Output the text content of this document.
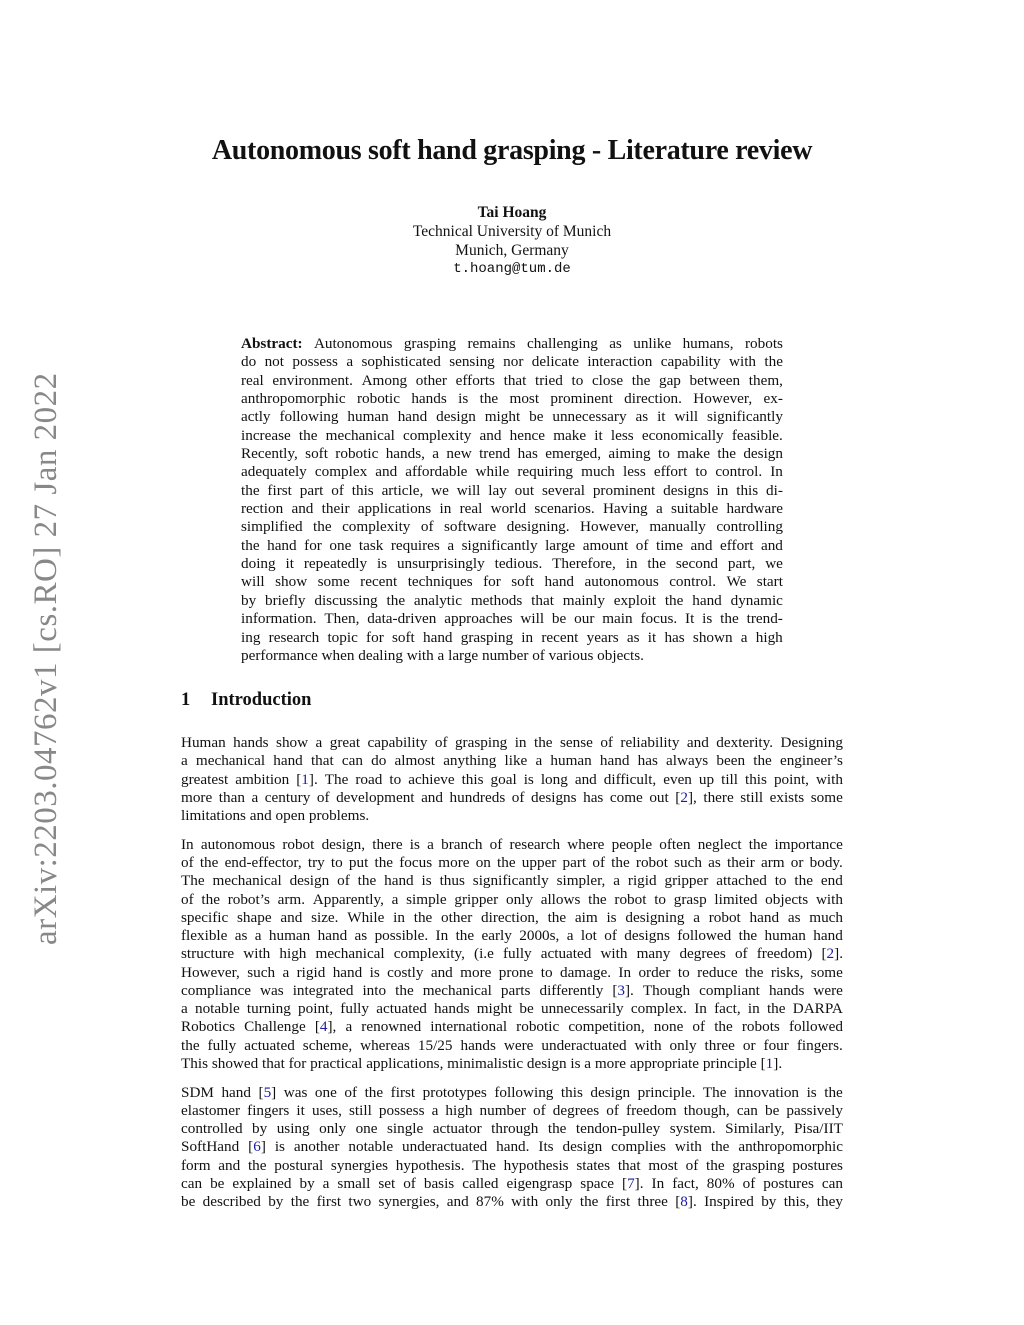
arXiv:2203.04762v1 [cs.RO] 27 Jan 2022
Autonomous soft hand grasping - Literature review
Tai Hoang
Technical University of Munich
Munich, Germany
t.hoang@tum.de
Abstract: Autonomous grasping remains challenging as unlike humans, robots
do not possess a sophisticated sensing nor delicate interaction capability with the
real environment. Among other efforts that tried to close the gap between them,
anthropomorphic robotic hands is the most prominent direction. However, ex-
actly following human hand design might be unnecessary as it will significantly
increase the mechanical complexity and hence make it less economically feasible.
Recently, soft robotic hands, a new trend has emerged, aiming to make the design
adequately complex and affordable while requiring much less effort to control. In
the first part of this article, we will lay out several prominent designs in this di-
rection and their applications in real world scenarios. Having a suitable hardware
simplified the complexity of software designing. However, manually controlling
the hand for one task requires a significantly large amount of time and effort and
doing it repeatedly is unsurprisingly tedious. Therefore, in the second part, we
will show some recent techniques for soft hand autonomous control. We start
by briefly discussing the analytic methods that mainly exploit the hand dynamic
information. Then, data-driven approaches will be our main focus. It is the trend-
ing research topic for soft hand grasping in recent years as it has shown a high
performance when dealing with a large number of various objects.
1 Introduction
Human hands show a great capability of grasping in the sense of reliability and dexterity. Designing
a mechanical hand that can do almost anything like a human hand has always been the engineer’s
greatest ambition [1]. The road to achieve this goal is long and difficult, even up till this point, with
more than a century of development and hundreds of designs has come out [2], there still exists some
limitations and open problems.
In autonomous robot design, there is a branch of research where people often neglect the importance
of the end-effector, try to put the focus more on the upper part of the robot such as their arm or body.
The mechanical design of the hand is thus significantly simpler, a rigid gripper attached to the end
of the robot’s arm. Apparently, a simple gripper only allows the robot to grasp limited objects with
specific shape and size. While in the other direction, the aim is designing a robot hand as much
flexible as a human hand as possible. In the early 2000s, a lot of designs followed the human hand
structure with high mechanical complexity, (i.e fully actuated with many degrees of freedom) [2].
However, such a rigid hand is costly and more prone to damage. In order to reduce the risks, some
compliance was integrated into the mechanical parts differently [3]. Though compliant hands were
a notable turning point, fully actuated hands might be unnecessarily complex. In fact, in the DARPA
Robotics Challenge [4], a renowned international robotic competition, none of the robots followed
the fully actuated scheme, whereas 15/25 hands were underactuated with only three or four fingers.
This showed that for practical applications, minimalistic design is a more appropriate principle [1].
SDM hand [5] was one of the first prototypes following this design principle. The innovation is the
elastomer fingers it uses, still possess a high number of degrees of freedom though, can be passively
controlled by using only one single actuator through the tendon-pulley system. Similarly, Pisa/IIT
SoftHand [6] is another notable underactuated hand. Its design complies with the anthropomorphic
form and the postural synergies hypothesis. The hypothesis states that most of the grasping postures
can be explained by a small set of basis called eigengrasp space [7]. In fact, 80% of postures can
be described by the first two synergies, and 87% with only the first three [8]. Inspired by this, they
